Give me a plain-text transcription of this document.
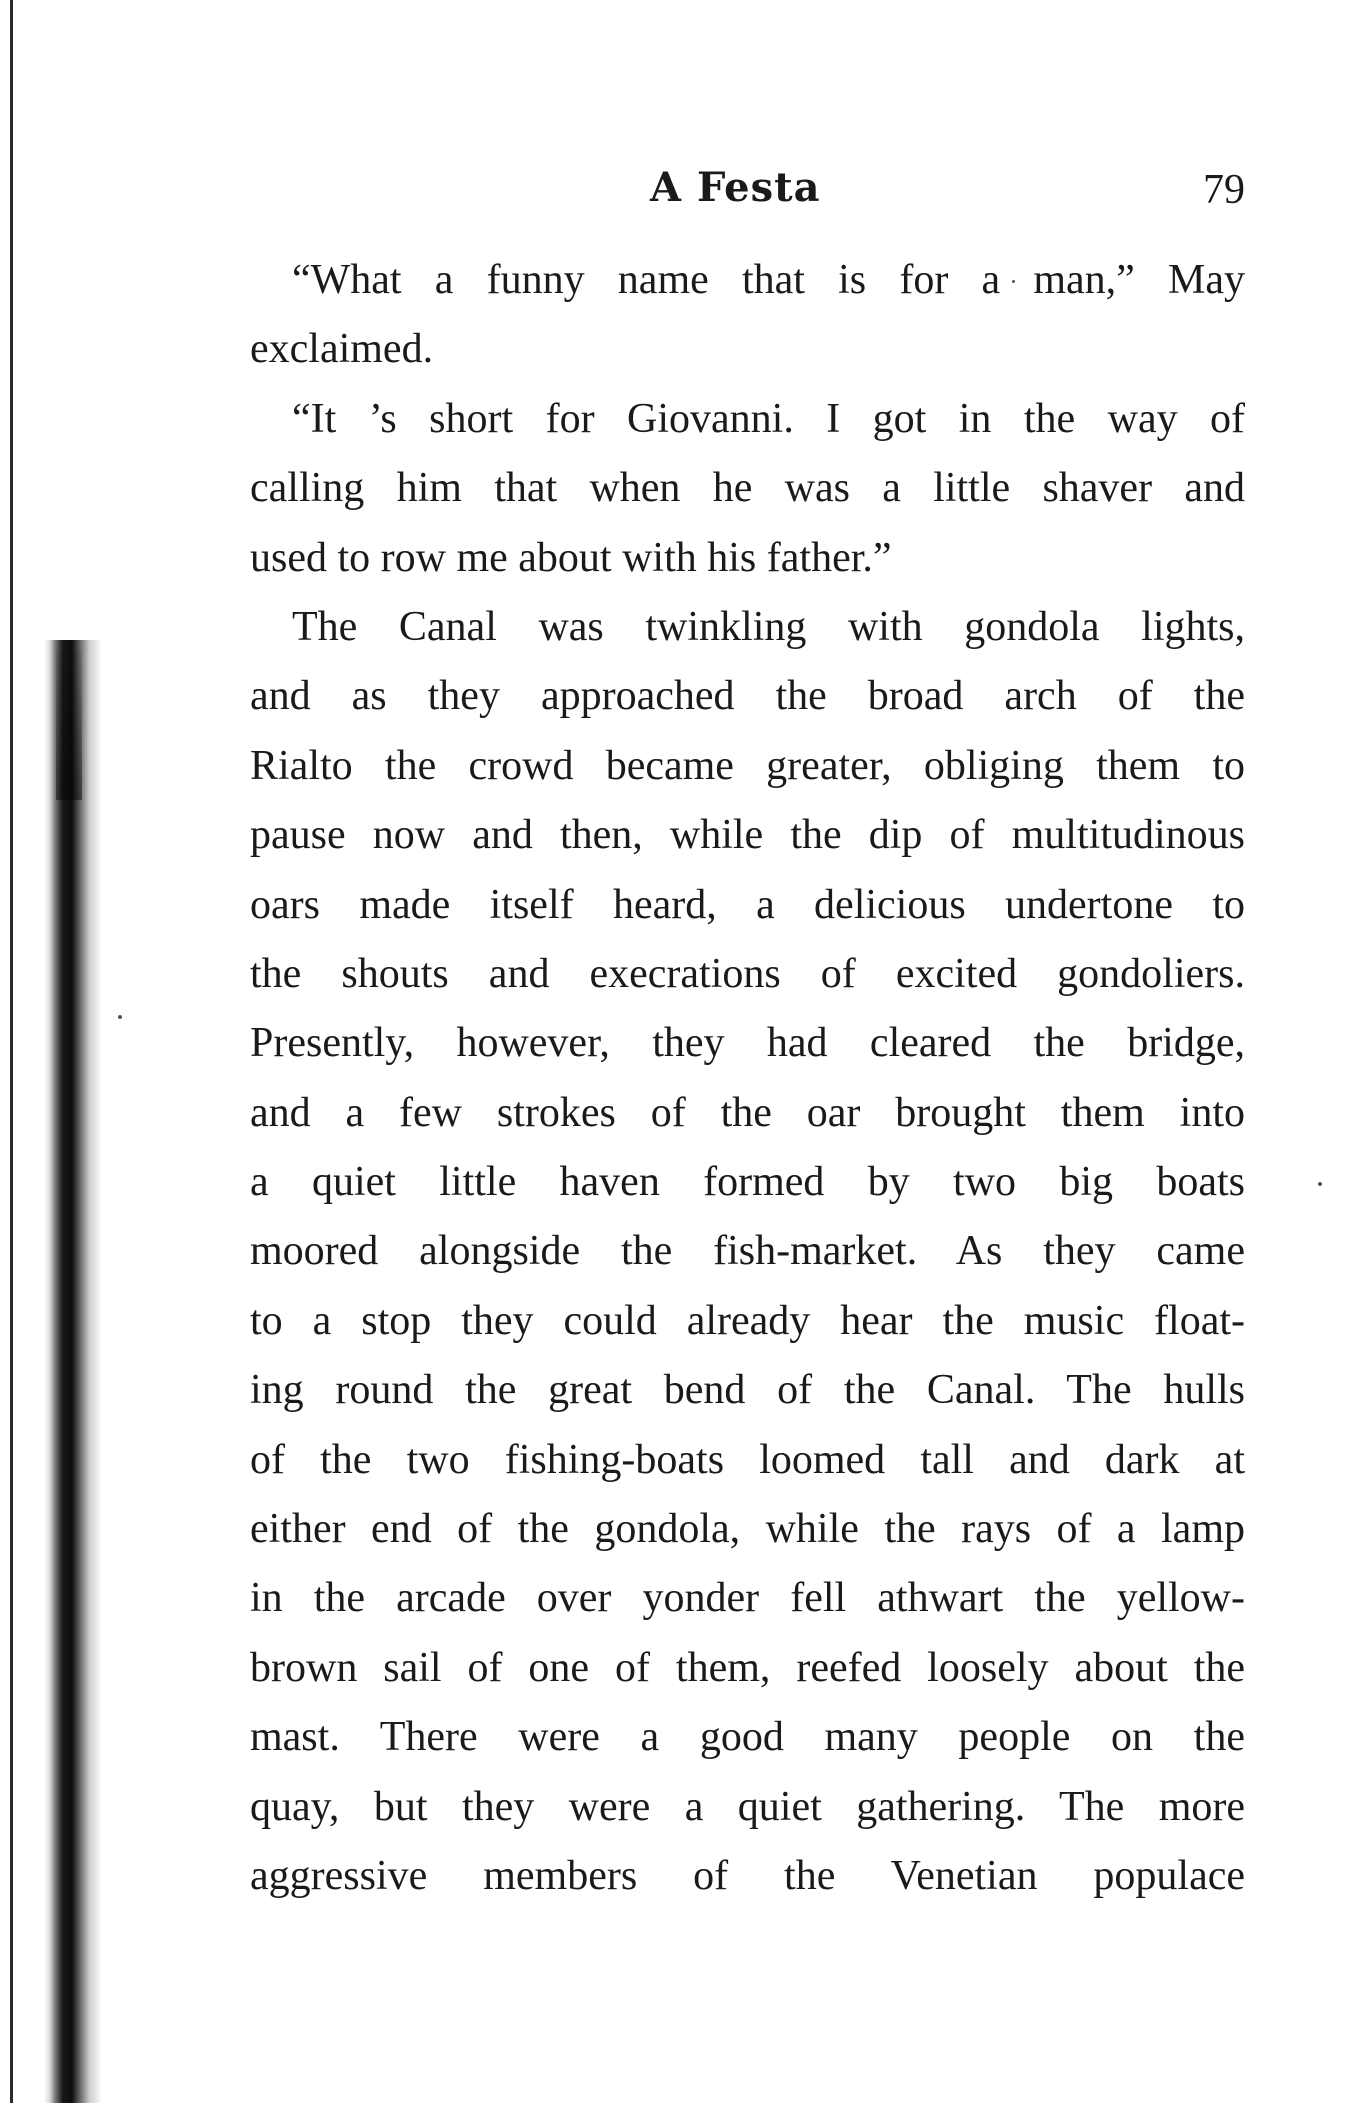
A Festa	79
“What a funny name that is for a man,” May
exclaimed.
“It ’s short for Giovanni. I got in the way of
calling him that when he was a little shaver and
used to row me about with his father.”
The Canal was twinkling with gondola lights,
and as they approached the broad arch of the
Rialto the crowd became greater, obliging them to
pause now and then, while the dip of multitudinous
oars made itself heard, a delicious undertone to
the shouts and execrations of excited gondoliers.
Presently, however, they had cleared the bridge,
and a few strokes of the oar brought them into
a quiet little haven formed by two big boats
moored alongside the fish-market. As they came
to a stop they could already hear the music float-
ing round the great bend of the Canal. The hulls
of the two fishing-boats loomed tall and dark at
either end of the gondola, while the rays of a lamp
in the arcade over yonder fell athwart the yellow-
brown sail of one of them, reefed loosely about the
mast. There were a good many people on the
quay, but they were a quiet gathering. The more
aggressive members of the Venetian populace
